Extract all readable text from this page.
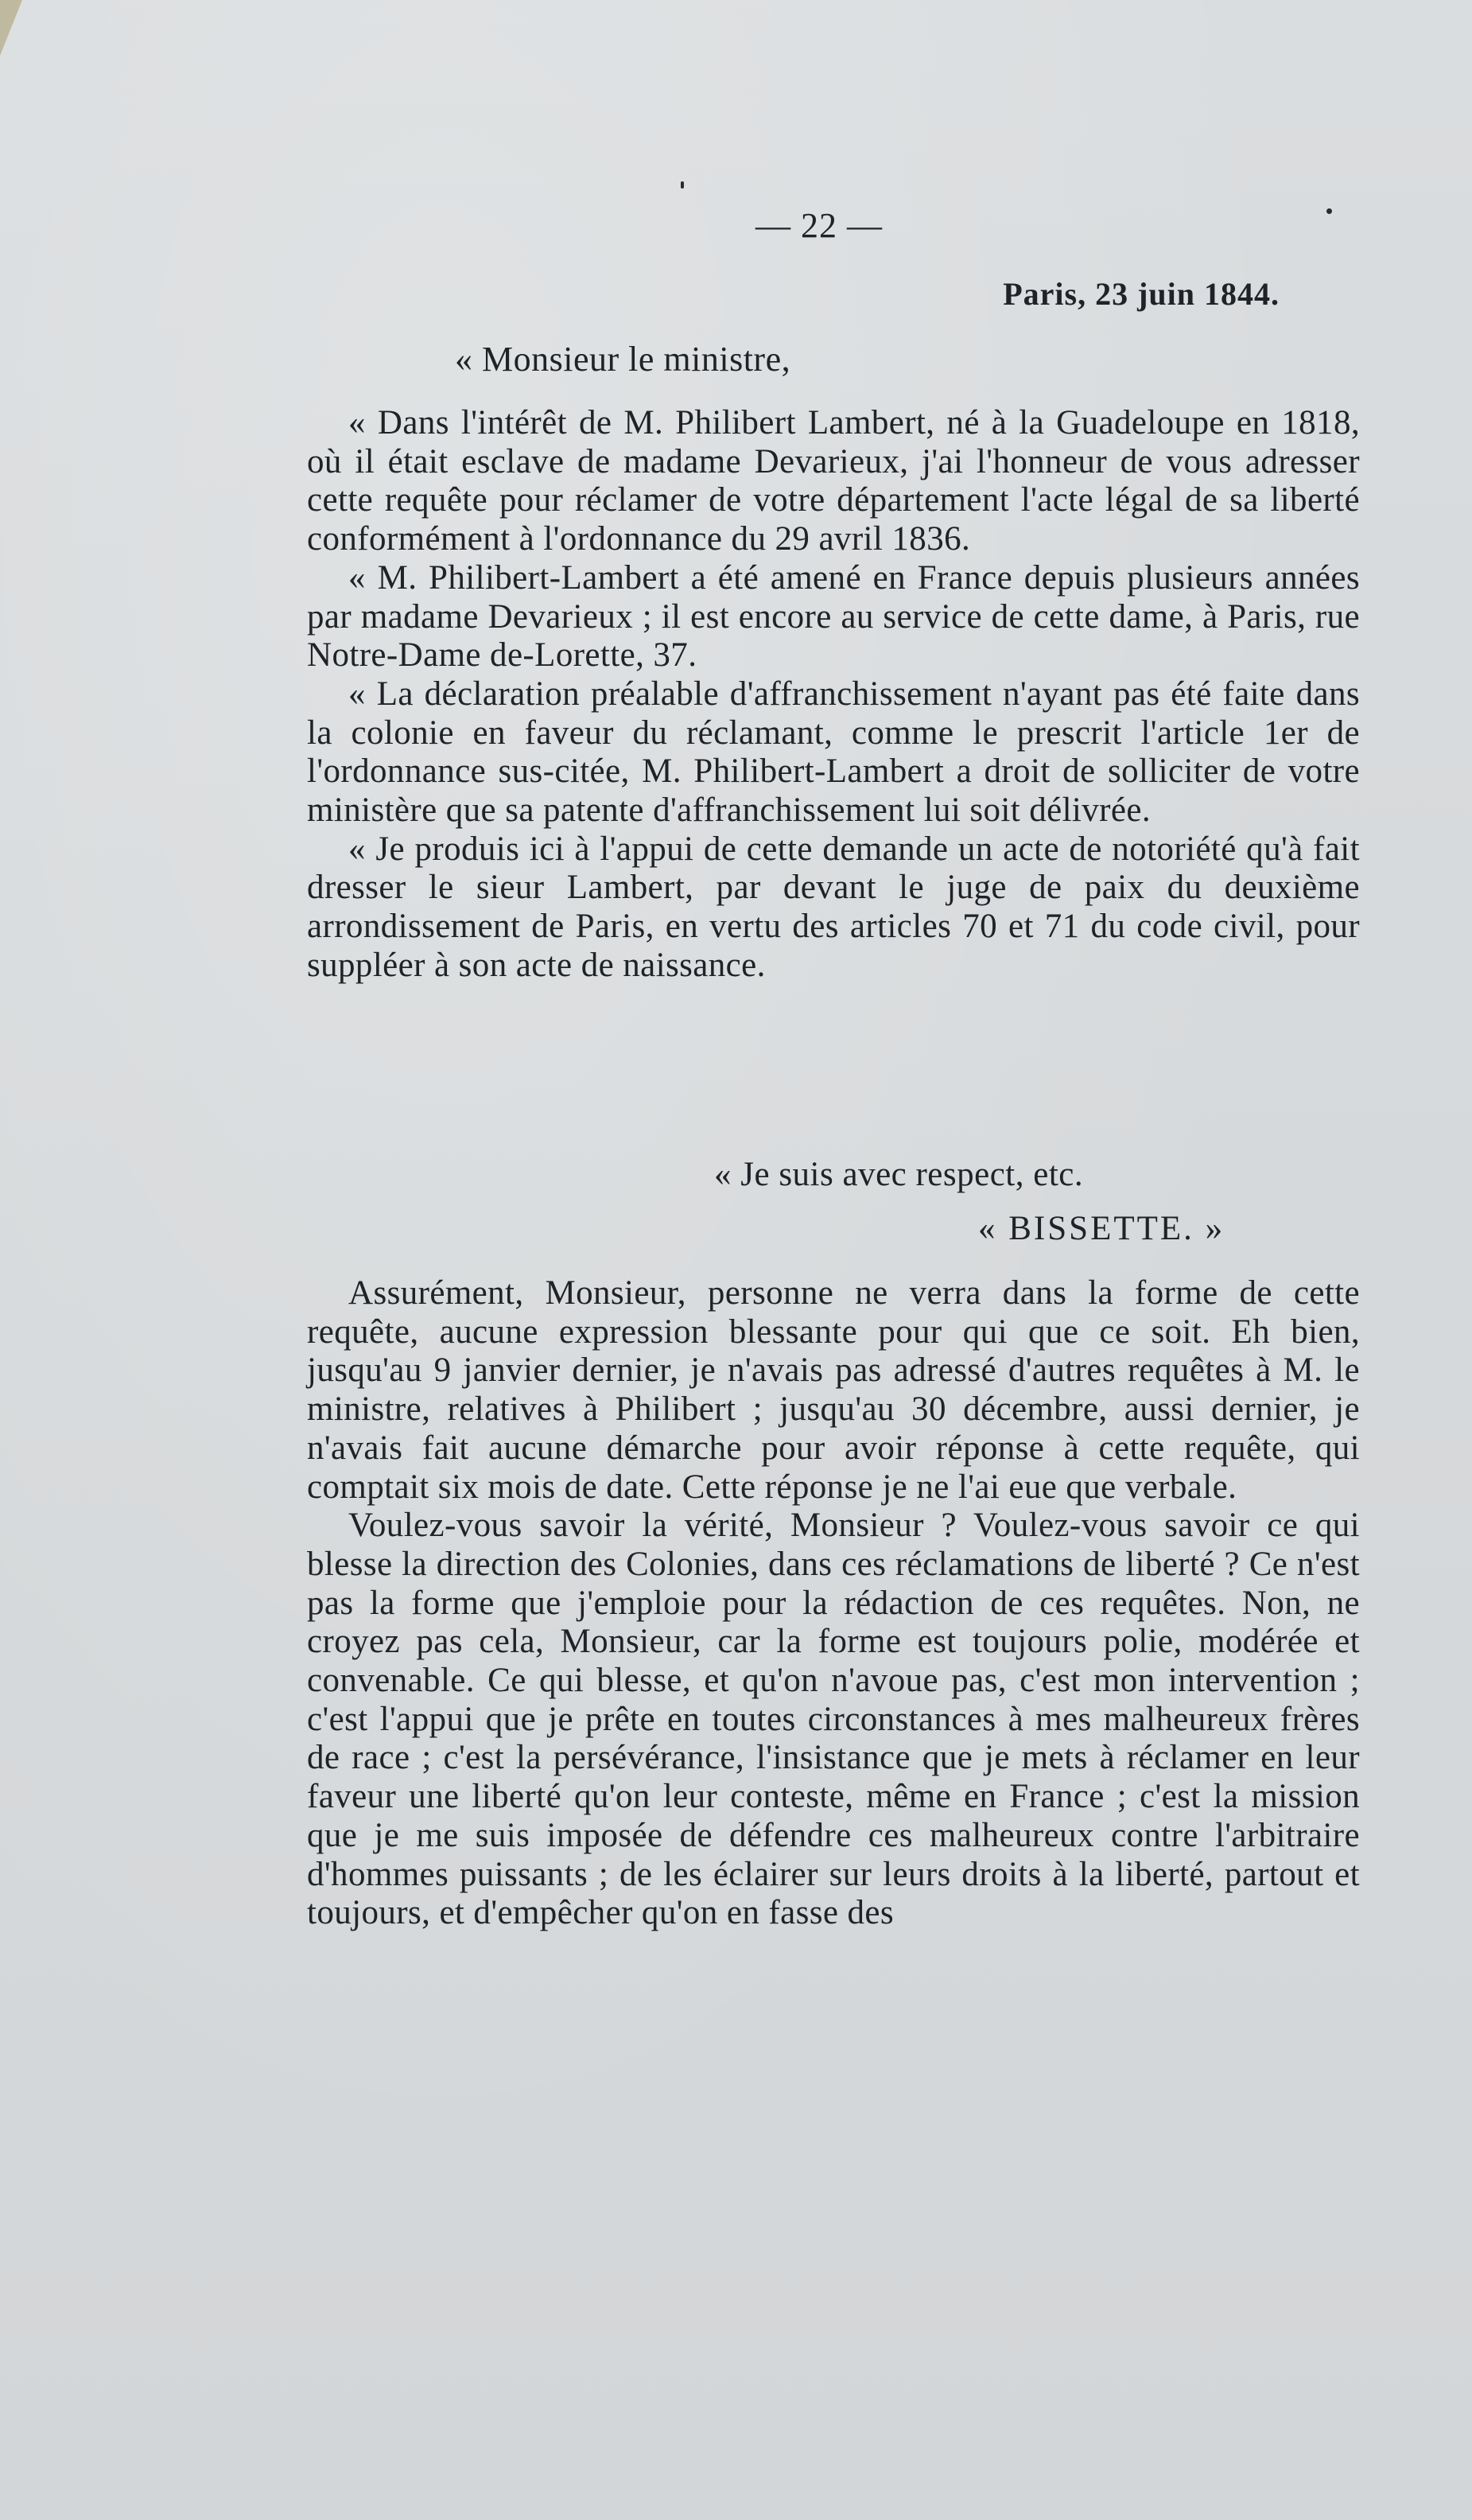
— 22 —
Paris, 23 juin 1844.
« Monsieur le ministre,

« Dans l'intérêt de M. Philibert Lambert, né à la Guadeloupe en 1818, où il était esclave de madame Devarieux, j'ai l'honneur de vous adresser cette requête pour réclamer de votre département l'acte légal de sa liberté conformément à l'ordonnance du 29 avril 1836.

« M. Philibert-Lambert a été amené en France depuis plusieurs années par madame Devarieux ; il est encore au service de cette dame, à Paris, rue Notre-Dame de-Lorette, 37.

« La déclaration préalable d'affranchissement n'ayant pas été faite dans la colonie en faveur du réclamant, comme le prescrit l'article 1er de l'ordonnance sus-citée, M. Philibert-Lambert a droit de solliciter de votre ministère que sa patente d'affranchissement lui soit délivrée.

« Je produis ici à l'appui de cette demande un acte de notoriété qu'à fait dresser le sieur Lambert, par devant le juge de paix du deuxième arrondissement de Paris, en vertu des articles 70 et 71 du code civil, pour suppléer à son acte de naissance.

« Je suis avec respect, etc.
« BISSETTE. »

Assurément, Monsieur, personne ne verra dans la forme de cette requête, aucune expression blessante pour qui que ce soit. Eh bien, jusqu'au 9 janvier dernier, je n'avais pas adressé d'autres requêtes à M. le ministre, relatives à Philibert ; jusqu'au 30 décembre, aussi dernier, je n'avais fait aucune démarche pour avoir réponse à cette requête, qui comptait six mois de date. Cette réponse je ne l'ai eue que verbale.

Voulez-vous savoir la vérité, Monsieur ? Voulez-vous savoir ce qui blesse la direction des Colonies, dans ces réclamations de liberté ? Ce n'est pas la forme que j'emploie pour la rédaction de ces requêtes. Non, ne croyez pas cela, Monsieur, car la forme est toujours polie, modérée et convenable. Ce qui blesse, et qu'on n'avoue pas, c'est mon intervention ; c'est l'appui que je prête en toutes circonstances à mes malheureux frères de race ; c'est la persévérance, l'insistance que je mets à réclamer en leur faveur une liberté qu'on leur conteste, même en France ; c'est la mission que je me suis imposée de défendre ces malheureux contre l'arbitraire d'hommes puissants ; de les éclairer sur leurs droits à la liberté, partout et toujours, et d'empêcher qu'on en fasse des
